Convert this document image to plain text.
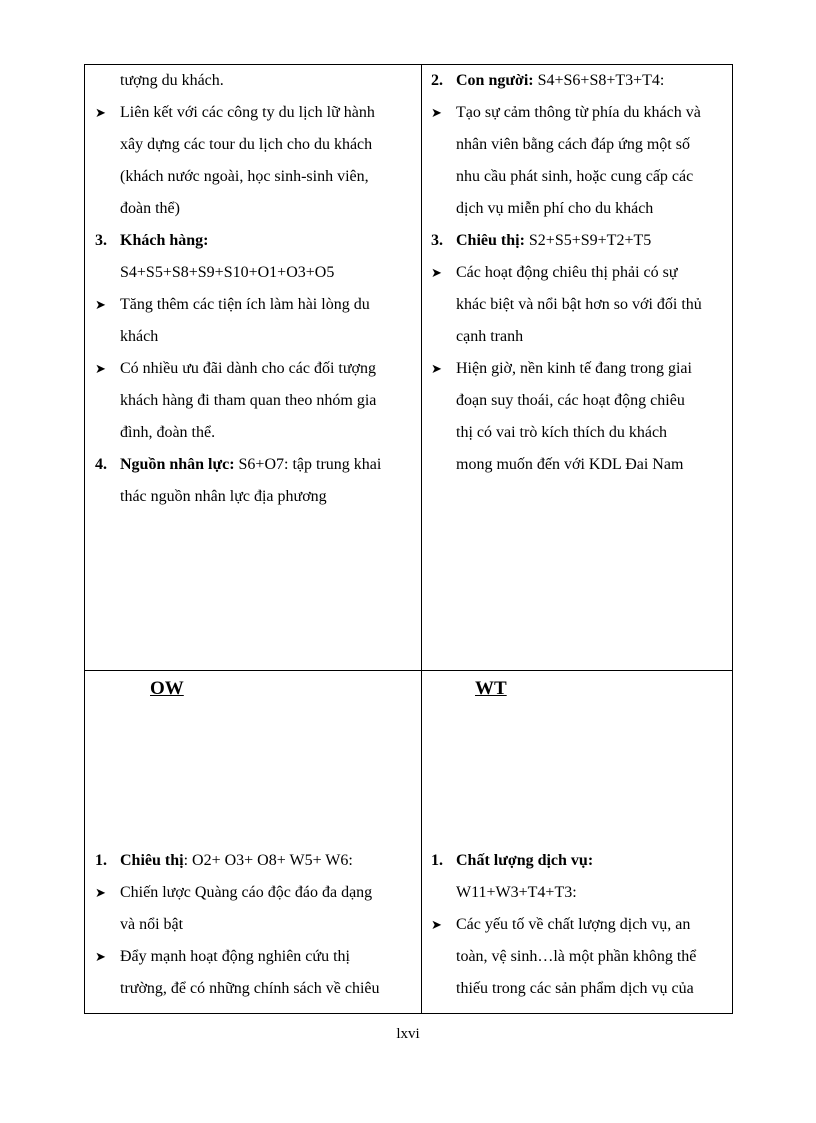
tượng du khách.
➤ Liên kết với các công ty du lịch lữ hành
xây dựng các tour du lịch cho du khách
(khách nước ngoài, học sinh-sinh viên,
đoàn thể)
3. Khách hàng:
S4+S5+S8+S9+S10+O1+O3+O5
➤ Tăng thêm các tiện ích làm hài lòng du
khách
➤ Có nhiều ưu đãi dành cho các đối tượng
khách hàng đi tham quan theo nhóm gia
đình, đoàn thể.
4. Nguồn nhân lực: S6+O7: tập trung khai
thác nguồn nhân lực địa phương
2. Con người: S4+S6+S8+T3+T4:
➤ Tạo sự cảm thông từ phía du khách và
nhân viên bằng cách đáp ứng một số
nhu cầu phát sinh, hoặc cung cấp các
dịch vụ miễn phí cho du khách
3. Chiêu thị: S2+S5+S9+T2+T5
➤ Các hoạt động chiêu thị phải có sự
khác biệt và nổi bật hơn so với đối thủ
cạnh tranh
➤ Hiện giờ, nền kinh tế đang trong giai
đoạn suy thoái, các hoạt động chiêu
thị có vai trò kích thích du khách
mong muốn đến với KDL Đai Nam
1. Chiêu thị: O2+ O3+ O8+ W5+ W6:
➤ Chiến lược Quàng cáo độc đáo đa dạng
và nổi bật
➤ Đẩy mạnh hoạt động nghiên cứu thị
trường, để có những chính sách về chiêu
1. Chất lượng dịch vụ:
W11+W3+T4+T3:
➤ Các yếu tố về chất lượng dịch vụ, an
toàn, vệ sinh…là một phần không thể
thiếu trong các sản phẩm dịch vụ của
OW	WT
lxvi
